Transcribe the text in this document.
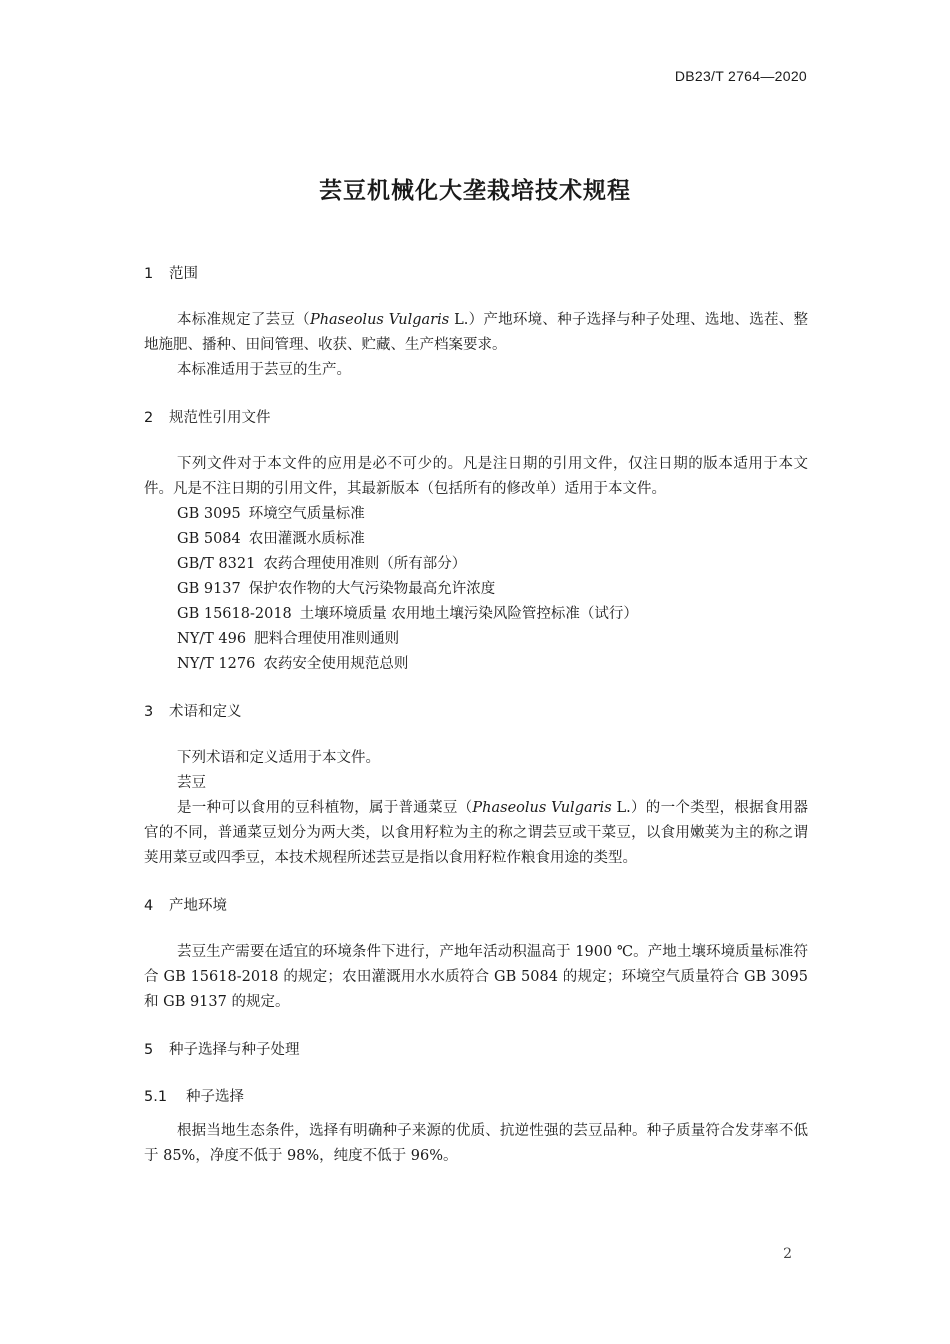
DB23/T 2764—2020
芸豆机械化大垄栽培技术规程
1 范围

本标准规定了芸豆（Phaseolus Vulgaris L.）产地环境、种子选择与种子处理、选地、选茬、整地施肥、播种、田间管理、收获、贮藏、生产档案要求。

本标准适用于芸豆的生产。

2 规范性引用文件

下列文件对于本文件的应用是必不可少的。凡是注日期的引用文件，仅注日期的版本适用于本文件。凡是不注日期的引用文件，其最新版本（包括所有的修改单）适用于本文件。

GB 3095 环境空气质量标准
GB 5084 农田灌溉水质标准
GB/T 8321 农药合理使用准则（所有部分）
GB 9137 保护农作物的大气污染物最高允许浓度
GB 15618-2018 土壤环境质量 农用地土壤污染风险管控标准（试行）
NY/T 496 肥料合理使用准则通则
NY/T 1276 农药安全使用规范总则
3 术语和定义

下列术语和定义适用于本文件。

芸豆

是一种可以食用的豆科植物，属于普通菜豆（Phaseolus Vulgaris L.）的一个类型，根据食用器官的不同，普通菜豆划分为两大类，以食用籽粒为主的称之谓芸豆或干菜豆，以食用嫩荚为主的称之谓荚用菜豆或四季豆，本技术规程所述芸豆是指以食用籽粒作粮食用途的类型。

4 产地环境

芸豆生产需要在适宜的环境条件下进行，产地年活动积温高于 1900 ℃。产地土壤环境质量标准符合 GB 15618-2018 的规定；农田灌溉用水水质符合 GB 5084 的规定；环境空气质量符合 GB 3095 和 GB 9137 的规定。

5 种子选择与种子处理
5.1 种子选择

根据当地生态条件，选择有明确种子来源的优质、抗逆性强的芸豆品种。种子质量符合发芽率不低于 85%，净度不低于 98%，纯度不低于 96%。

2
